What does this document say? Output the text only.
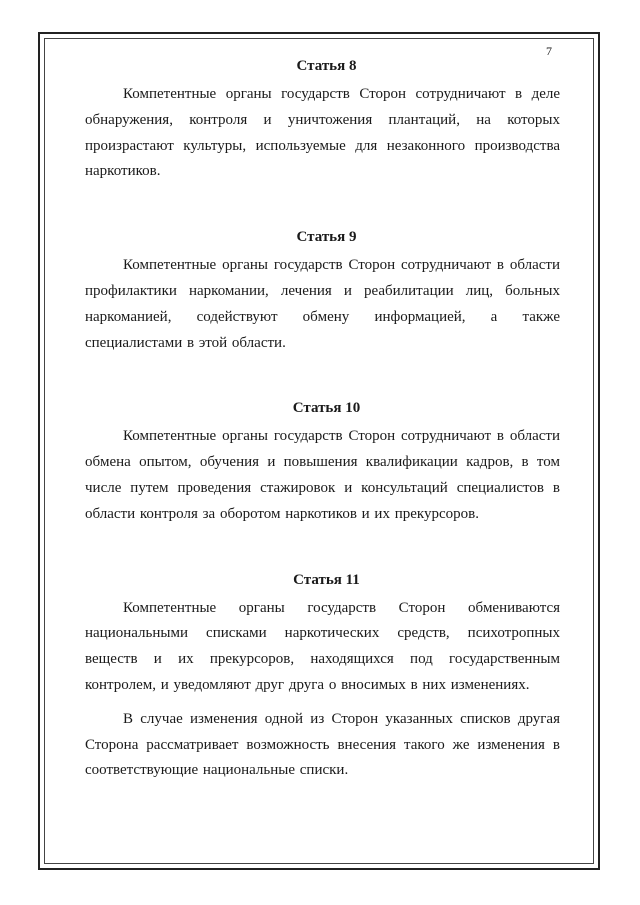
7
Статья 8

Компетентные органы государств Сторон сотрудничают в деле обнаружения, контроля и уничтожения плантаций, на которых произрастают культуры, используемые для незаконного производства наркотиков.

Статья 9

Компетентные органы государств Сторон сотрудничают в области профилактики наркомании, лечения и реабилитации лиц, больных наркоманией, содействуют обмену информацией, а также специалистами в этой области.

Статья 10

Компетентные органы государств Сторон сотрудничают в области обмена опытом, обучения и повышения квалификации кадров, в том числе путем проведения стажировок и консультаций специалистов в области контроля за оборотом наркотиков и их прекурсоров.

Статья 11

Компетентные органы государств Сторон обмениваются национальными списками наркотических средств, психотропных веществ и их прекурсоров, находящихся под государственным контролем, и уведомляют друг друга о вносимых в них изменениях.

В случае изменения одной из Сторон указанных списков другая Сторона рассматривает возможность внесения такого же изменения в соответствующие национальные списки.
